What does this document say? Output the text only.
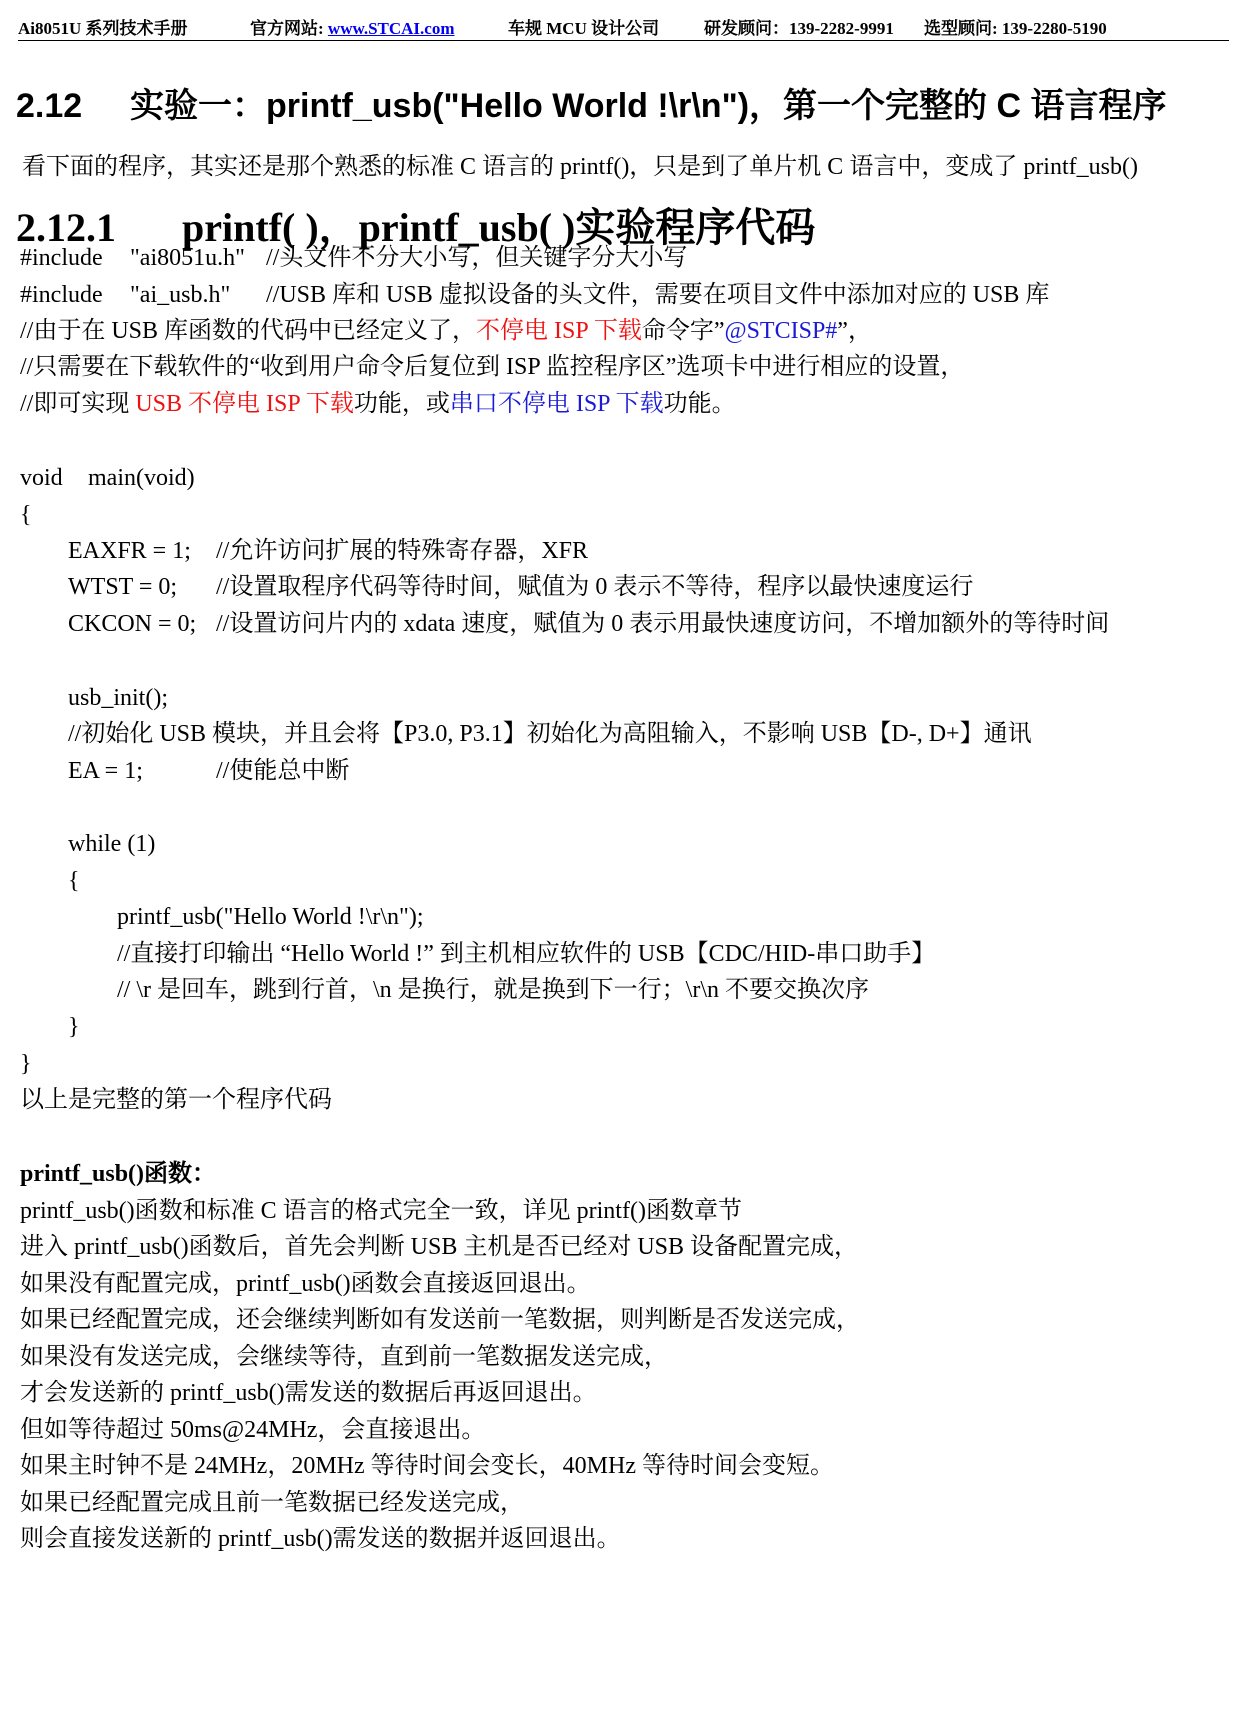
Ai8051U 系列技术手册	官方网站: www.STCAI.com	车规 MCU 设计公司	研发顾问：139-2282-9991 选型顾问: 139-2280-5190
2.12 实验一：printf_usb("Hello World !\r\n")，第一个完整的 C 语言程序
看下面的程序，其实还是那个熟悉的标准 C 语言的 printf()，只是到了单片机 C 语言中，变成了 printf_usb()
2.12.1 printf( )，printf_usb( )实验程序代码
#include "ai8051u.h" //头文件不分大小写，但关键字分大小写
#include "ai_usb.h" //USB 库和 USB 虚拟设备的头文件，需要在项目文件中添加对应的 USB 库
//由于在 USB 库函数的代码中已经定义了，不停电 ISP 下载命令字”@STCISP#”，
//只需要在下载软件的“收到用户命令后复位到 ISP 监控程序区”选项卡中进行相应的设置，
//即可实现 USB 不停电 ISP 下载功能，或串口不停电 ISP 下载功能。
void main(void)
{
EAXFR = 1; //允许访问扩展的特殊寄存器，XFR
WTST = 0; //设置取程序代码等待时间，赋值为 0 表示不等待，程序以最快速度运行
CKCON = 0; //设置访问片内的 xdata 速度，赋值为 0 表示用最快速度访问，不增加额外的等待时间
usb_init();
//初始化 USB 模块，并且会将【P3.0, P3.1】初始化为高阻输入，不影响 USB【D-, D+】通讯
EA = 1;	//使能总中断
while (1)
{
printf_usb("Hello World !\r\n");
//直接打印输出 “Hello World !” 到主机相应软件的 USB【CDC/HID-串口助手】
// \r 是回车，跳到行首，\n 是换行，就是换到下一行；\r\n 不要交换次序
}
}
以上是完整的第一个程序代码
printf_usb()函数：
printf_usb()函数和标准 C 语言的格式完全一致，详见 printf()函数章节
进入 printf_usb()函数后，首先会判断 USB 主机是否已经对 USB 设备配置完成，
如果没有配置完成，printf_usb()函数会直接返回退出。
如果已经配置完成，还会继续判断如有发送前一笔数据，则判断是否发送完成，
如果没有发送完成，会继续等待，直到前一笔数据发送完成，
才会发送新的 printf_usb()需发送的数据后再返回退出。
但如等待超过 50ms@24MHz，会直接退出。
如果主时钟不是 24MHz，20MHz 等待时间会变长，40MHz 等待时间会变短。
如果已经配置完成且前一笔数据已经发送完成，
则会直接发送新的 printf_usb()需发送的数据并返回退出。
